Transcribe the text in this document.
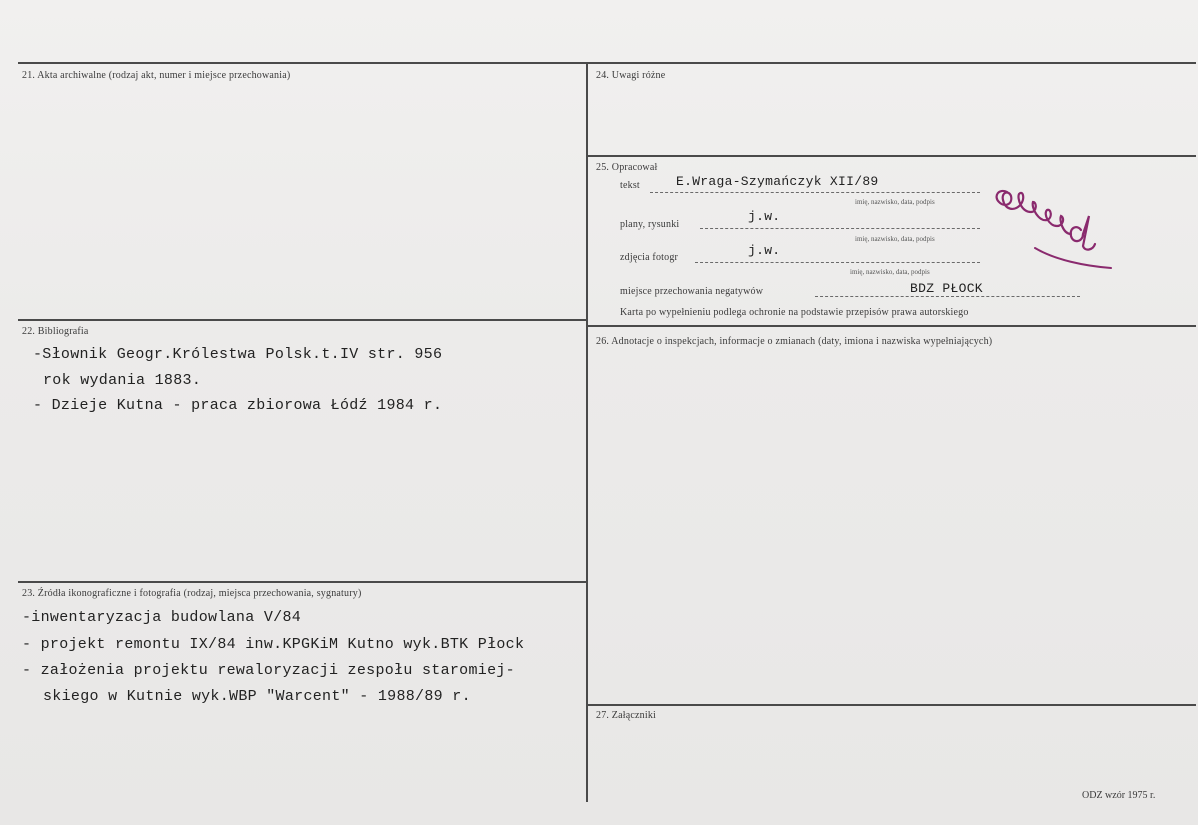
21. Akta archiwalne (rodzaj akt, numer i miejsce przechowania)
22. Bibliografia
-Słownik Geogr.Królestwa Polsk.t.IV str. 956
rok wydania 1883.
- Dzieje Kutna - praca zbiorowa Łódź 1984 r.
23. Źródła ikonograficzne i fotografia (rodzaj, miejsca przechowania, sygnatury)
-inwentaryzacja budowlana V/84
- projekt remontu IX/84 inw.KPGKiM Kutno wyk.BTK Płock
- założenia projektu rewaloryzacji zespołu staromiej-
skiego w Kutnie wyk.WBP "Warcent" - 1988/89 r.
24. Uwagi różne
25. Opracował
tekst	E.Wraga-Szymańczyk XII/89
imię, nazwisko, data, podpis
plany, rysunki
j.w.
imię, nazwisko, data, podpis
zdjęcia fotogr	j.w.
imię, nazwisko, data, podpis
miejsce przechowania negatywów	BDZ PŁOCK
Karta po wypełnieniu podlega ochronie na podstawie przepisów prawa autorskiego
26. Adnotacje o inspekcjach, informacje o zmianach (daty, imiona i nazwiska wypełniających)
27. Załączniki
ODZ wzór 1975 r.
